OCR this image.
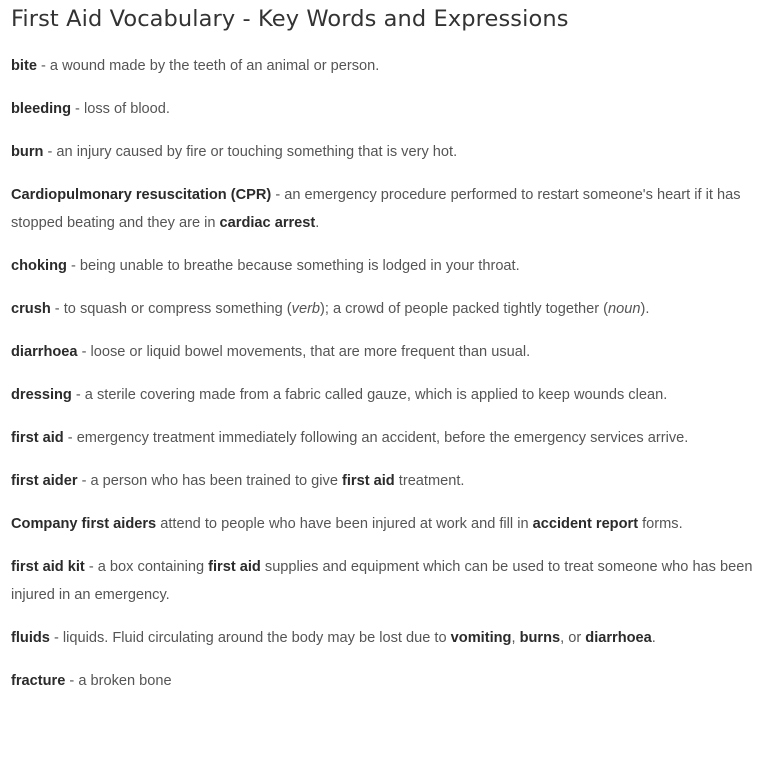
First Aid Vocabulary - Key Words and Expressions

bite - a wound made by the teeth of an animal or person.

bleeding - loss of blood.

burn - an injury caused by fire or touching something that is very hot.

Cardiopulmonary resuscitation (CPR) - an emergency procedure performed to restart someone's heart if it has stopped beating and they are in cardiac arrest.

choking - being unable to breathe because something is lodged in your throat.

crush - to squash or compress something (verb); a crowd of people packed tightly together (noun).

diarrhoea - loose or liquid bowel movements, that are more frequent than usual.

dressing - a sterile covering made from a fabric called gauze, which is applied to keep wounds clean.

first aid - emergency treatment immediately following an accident, before the emergency services arrive.

first aider - a person who has been trained to give first aid treatment.

Company first aiders attend to people who have been injured at work and fill in accident report forms.

first aid kit - a box containing first aid supplies and equipment which can be used to treat someone who has been injured in an emergency.

fluids - liquids. Fluid circulating around the body may be lost due to vomiting, burns, or diarrhoea.

fracture - a broken bone
